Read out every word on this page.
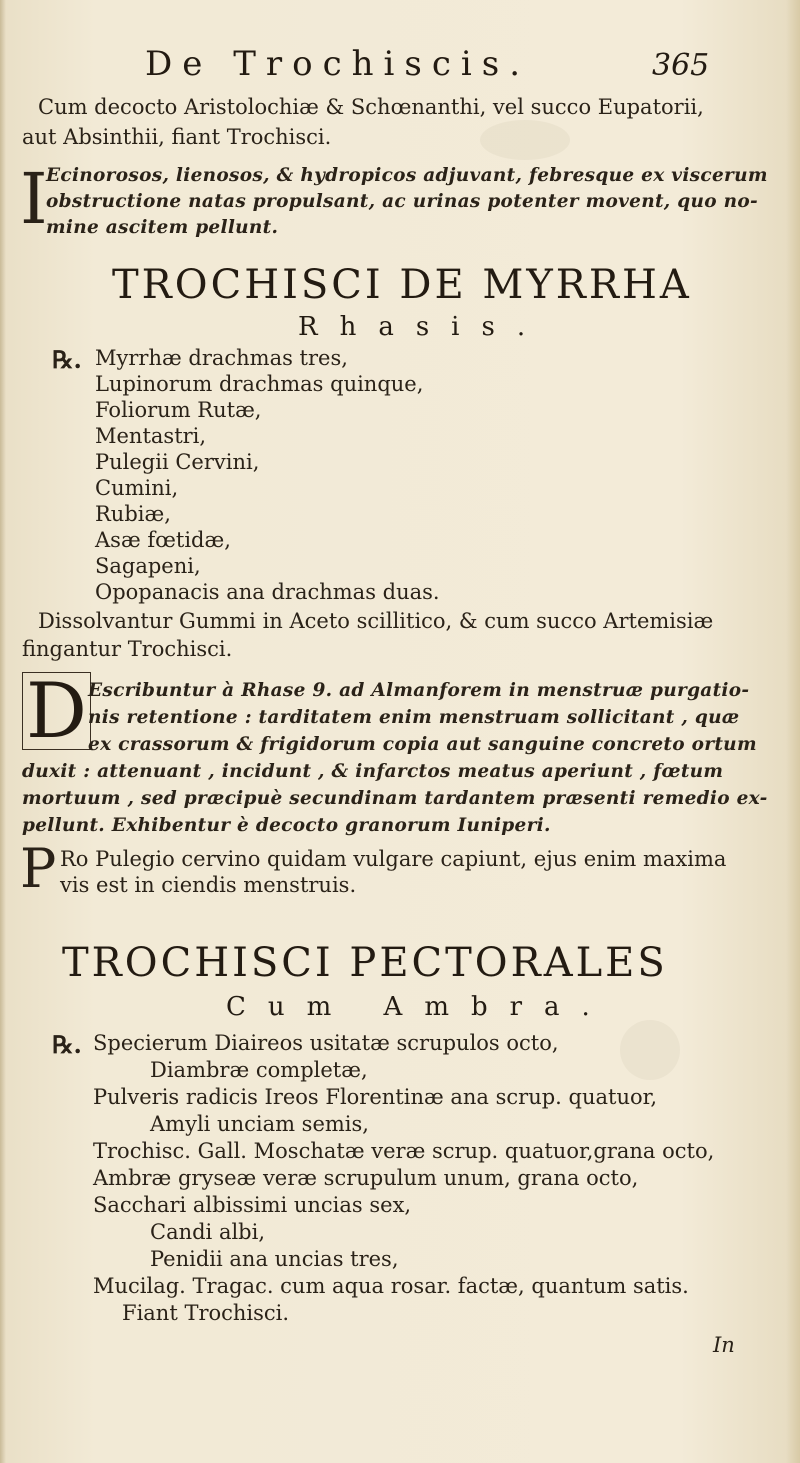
De Trochiscis.	365
Cum decocto Aristolochiæ & Schœnanthi, vel succo Eupatorii,
aut Absinthii, fiant Trochisci.
I
Ecinorosos, lienosos, & hydropicos adjuvant, febresque ex viscerum
obstructione natas propulsant, ac urinas potenter movent, quo no-
mine ascitem pellunt.
TROCHISCI DE MYRRHA
Rhasis.
℞. Myrrhæ drachmas tres,
Lupinorum drachmas quinque,
Foliorum Rutæ,
Mentastri,
Pulegii Cervini,
Cumini,
Rubiæ,
Asæ fœtidæ,
Sagapeni,
Opopanacis ana drachmas duas.
Dissolvantur Gummi in Aceto scillitico, & cum succo Artemisiæ
fingantur Trochisci.
D Escribuntur à Rhase 9. ad Almanforem in menstruæ purgatio-
nis retentione : tarditatem enim menstruam sollicitant , quæ
ex crassorum & frigidorum copia aut sanguine concreto ortum
duxit : attenuant , incidunt , & infarctos meatus aperiunt , fœtum
mortuum , sed præcipuè secundinam tardantem præsenti remedio ex-
pellunt. Exhibentur è decocto granorum Iuniperi.
P Ro Pulegio cervino quidam vulgare capiunt, ejus enim maxima
vis est in ciendis menstruis.
TROCHISCI PECTORALES
Cum Ambra.
℞. Specierum Diaireos usitatæ scrupulos octo,
Diambræ completæ,
Pulveris radicis Ireos Florentinæ ana scrup. quatuor,
Amyli unciam semis,
Trochisc. Gall. Moschatæ veræ scrup. quatuor,grana octo,
Ambræ gryseæ veræ scrupulum unum, grana octo,
Sacchari albissimi uncias sex,
Candi albi,
Penidii ana uncias tres,
Mucilag. Tragac. cum aqua rosar. factæ, quantum satis.
Fiant Trochisci.
In
